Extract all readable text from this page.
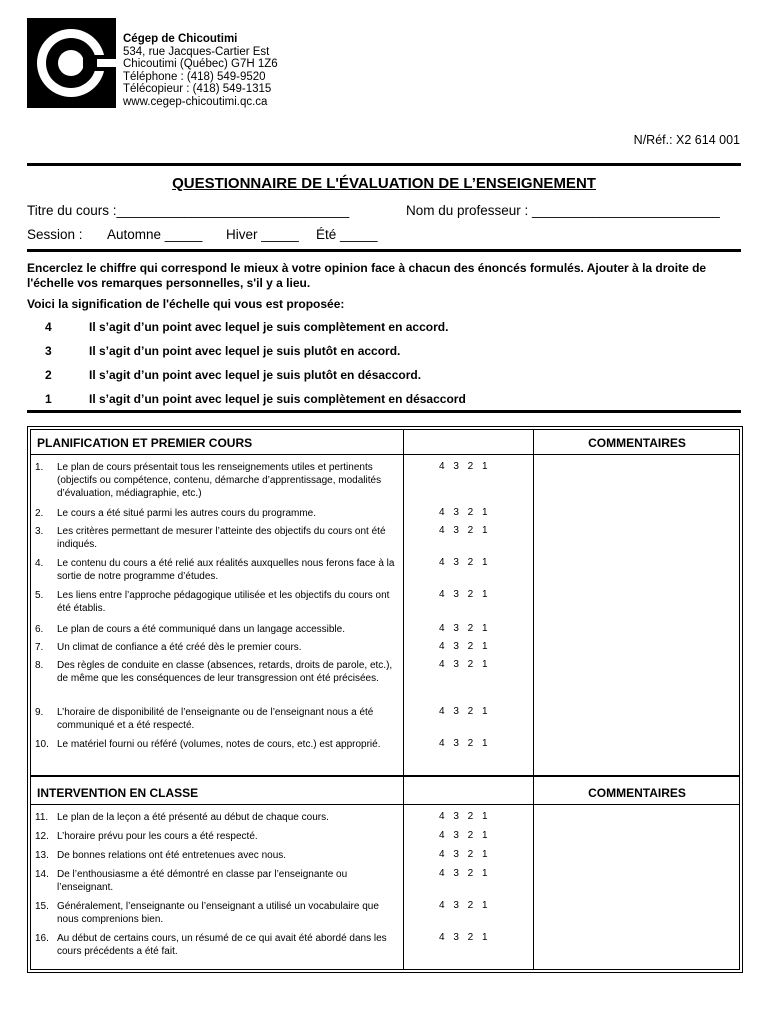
Cégep de Chicoutimi
534, rue Jacques-Cartier Est
Chicoutimi (Québec) G7H 1Z6
Téléphone : (418) 549-9520
Télécopieur : (418) 549-1315
www.cegep-chicoutimi.qc.ca
N/Réf.: X2 614 001
QUESTIONNAIRE DE L'ÉVALUATION DE L’ENSEIGNEMENT
Titre du cours :_______________________________	Nom du professeur : _________________________
Session : Automne _____ Hiver _____ Été _____
Encerclez le chiffre qui correspond le mieux à votre opinion face à chacun des énoncés formulés. Ajouter à la droite de l'échelle vos remarques personnelles, s'il y a lieu.
Voici la signification de l'échelle qui vous est proposée:
4	Il s’agit d’un point avec lequel je suis complètement en accord.
3	Il s’agit d’un point avec lequel je suis plutôt en accord.
2	Il s’agit d’un point avec lequel je suis plutôt en désaccord.
1	Il s’agit d’un point avec lequel je suis complètement en désaccord
PLANIFICATION ET PREMIER COURS	COMMENTAIRES
1.	Le plan de cours présentait tous les renseignements utiles et pertinents (objectifs ou compétence, contenu, démarche d’apprentissage, modalités d’évaluation, médiagraphie, etc.)
4 3 2 1
2.	Le cours a été situé parmi les autres cours du programme.	4 3 2 1
3.	Les critères permettant de mesurer l’atteinte des objectifs du cours ont été indiqués.
4 3 2 1
4.	Le contenu du cours a été relié aux réalités auxquelles nous ferons face à la sortie de notre programme d’études.
4 3 2 1
5.	Les liens entre l’approche pédagogique utilisée et les objectifs du cours ont été établis.
4 3 2 1
6.	Le plan de cours a été communiqué dans un langage accessible.	4 3 2 1
7.	Un climat de confiance a été créé dès le premier cours.	4 3 2 1
8.	Des règles de conduite en classe (absences, retards, droits de parole, etc.), de même que les conséquences de leur transgression ont été précisées.
4 3 2 1
9.	L’horaire de disponibilité de l’enseignante ou de l’enseignant nous a été communiqué et a été respecté.
4 3 2 1
10. Le matériel fourni ou référé (volumes, notes de cours, etc.) est approprié.	4 3 2 1
INTERVENTION EN CLASSE	COMMENTAIRES
11. Le plan de la leçon a été présenté au début de chaque cours.	4 3 2 1
12. L’horaire prévu pour les cours a été respecté.	4 3 2 1
13. De bonnes relations ont été entretenues avec nous.	4 3 2 1
14. De l’enthousiasme a été démontré en classe par l’enseignante ou l’enseignant.
4 3 2 1
15. Généralement, l’enseignante ou l’enseignant a utilisé un vocabulaire que nous comprenions bien.
4 3 2 1
16. Au début de certains cours, un résumé de ce qui avait été abordé dans les cours précédents a été fait.
4 3 2 1
